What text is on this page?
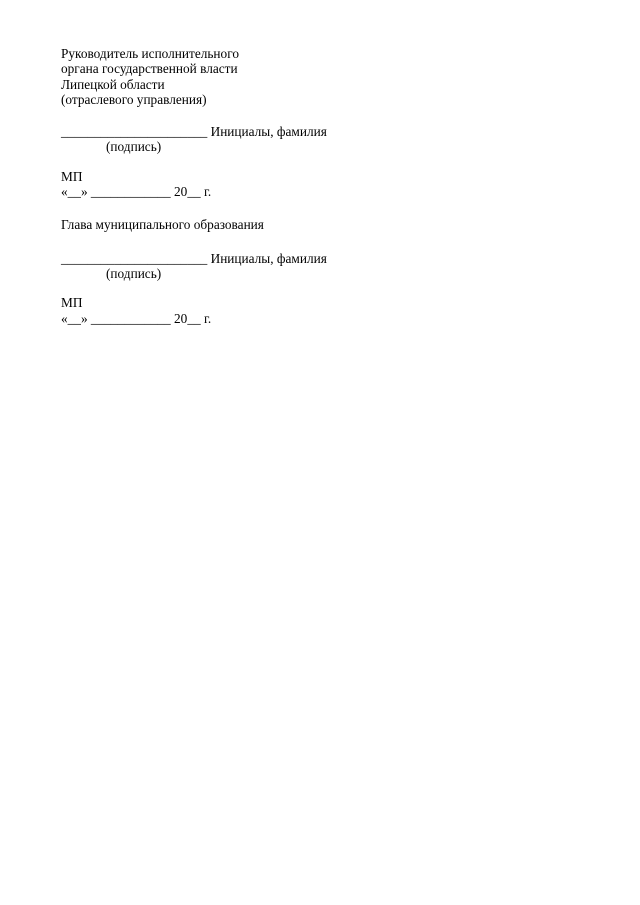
Руководитель исполнительного
органа государственной власти
Липецкой области
(отраслевого управления)
______________________ Инициалы, фамилия
(подпись)
МП
«__» ____________ 20__ г.
Глава муниципального образования
______________________ Инициалы, фамилия
(подпись)
МП
«__» ____________ 20__ г.
